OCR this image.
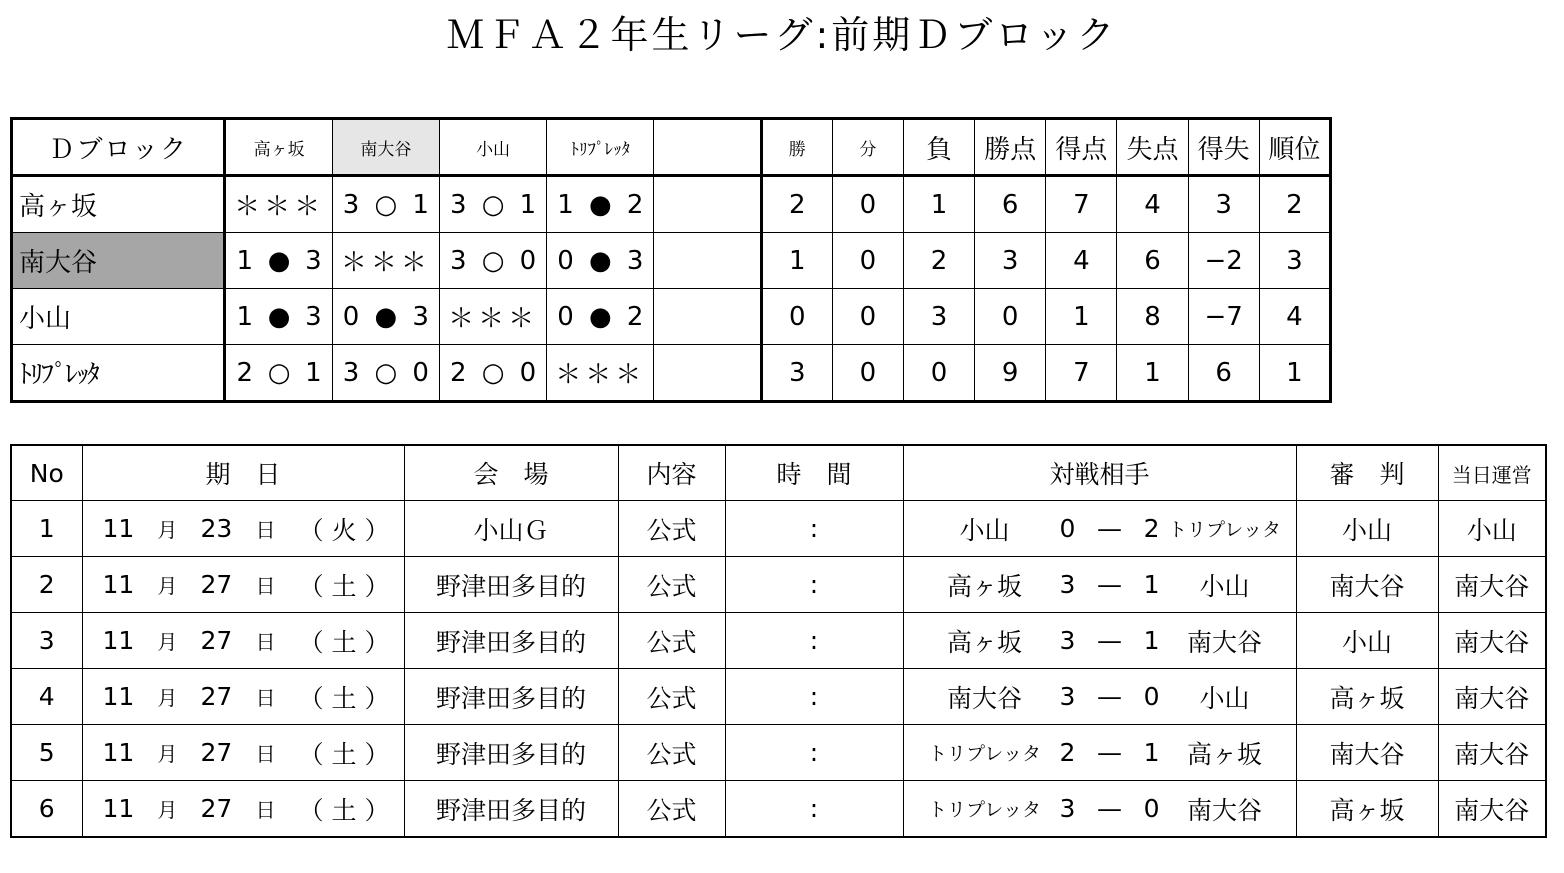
ＭＦＡ２年生リーグ:前期Ｄブロック
Ｄブロック	高ヶ坂	南大谷	小山	ﾄﾘﾌﾟﾚｯﾀ		勝	分	負	勝点	得点	失点	得失	順位
高ヶ坂	＊＊＊	3 ○ 1	3 ○ 1	1 ● 2		2	0	1	6	7	4	3	2
南大谷	1 ● 3	＊＊＊	3 ○ 0	0 ● 3		1	0	2	3	4	6	−2	3
小山	1 ● 3	0 ● 3	＊＊＊	0 ● 2		0	0	3	0	1	8	−7	4
ﾄﾘﾌﾟﾚｯﾀ	2 ○ 1	3 ○ 0	2 ○ 0	＊＊＊		3	0	0	9	7	1	6	1
No	期　日	会　場	内容	時　間	対戦相手	審　判	当日運営
1	11 月 23 日 （ 火 ）	小山Ｇ	公式	:	小山 0 — 2 トリプレッタ	小山	小山
2	11 月 27 日 （ 土 ）	野津田多目的	公式	:	高ヶ坂 3 — 1 小山	南大谷	南大谷
3	11 月 27 日 （ 土 ）	野津田多目的	公式	:	高ヶ坂 3 — 1 南大谷	小山	南大谷
4	11 月 27 日 （ 土 ）	野津田多目的	公式	:	南大谷 3 — 0 小山	高ヶ坂	南大谷
5	11 月 27 日 （ 土 ）	野津田多目的	公式	:	トリプレッタ 2 — 1 高ヶ坂	南大谷	南大谷
6	11 月 27 日 （ 土 ）	野津田多目的	公式	:	トリプレッタ 3 — 0 南大谷	高ヶ坂	南大谷
